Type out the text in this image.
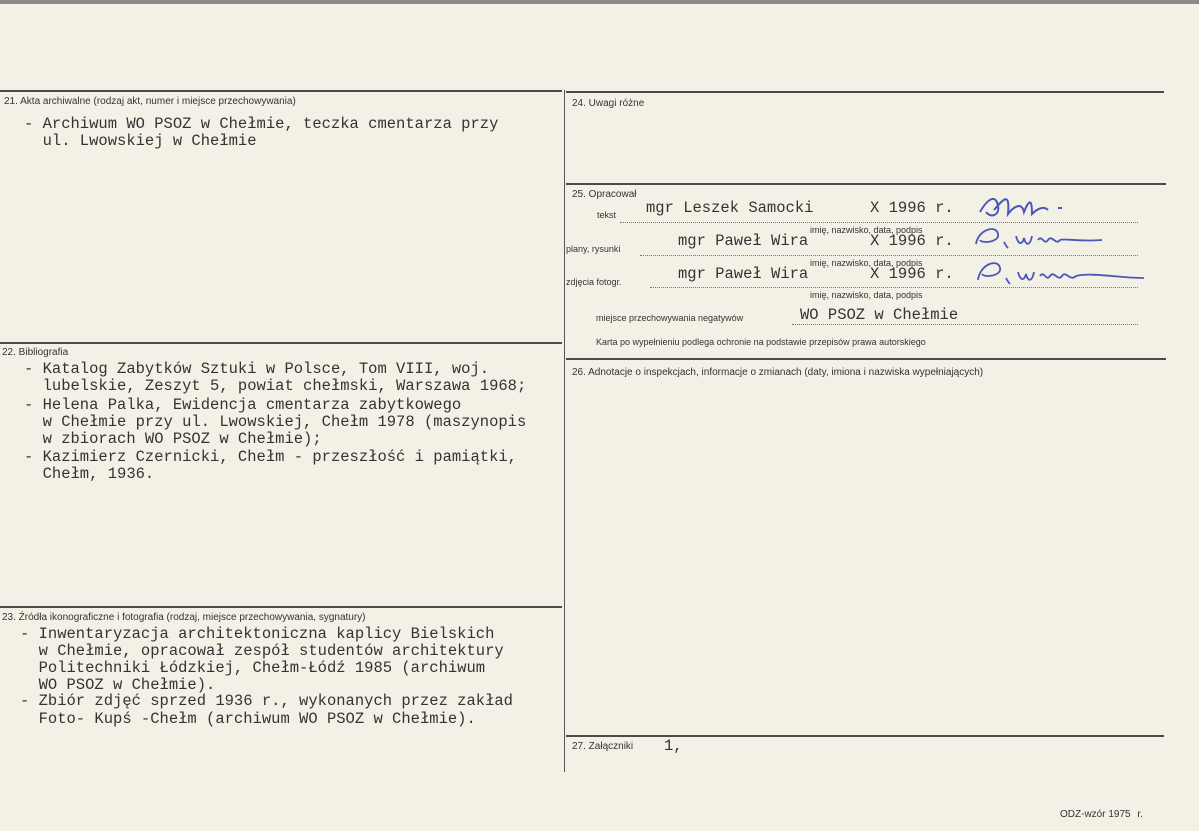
21. Akta archiwalne (rodzaj akt, numer i miejsce przechowywania)
- Archiwum WO PSOZ w Chełmie, teczka cmentarza przy
ul. Lwowskiej w Chełmie
22. Bibliografia
- Katalog Zabytków Sztuki w Polsce, Tom VIII, woj.
lubelskie, Zeszyt 5, powiat chełmski, Warszawa 1968;
- Helena Palka, Ewidencja cmentarza zabytkowego
w Chełmie przy ul. Lwowskiej, Chełm 1978 (maszynopis
w zbiorach WO PSOZ w Chełmie);
- Kazimierz Czernicki, Chełm - przeszłość i pamiątki,
Chełm, 1936.
23. Źródła ikonograficzne i fotografia (rodzaj, miejsce przechowywania, sygnatury)
- Inwentaryzacja architektoniczna kaplicy Bielskich
w Chełmie, opracował zespół studentów architektury
Politechniki Łódzkiej, Chełm-Łódź 1985 (archiwum
WO PSOZ w Chełmie).
- Zbiór zdjęć sprzed 1936 r., wykonanych przez zakład
Foto- Kupś -Chełm (archiwum WO PSOZ w Chełmie).
24. Uwagi różne
25. Opracował
tekst mgr Leszek Samocki	X 1996 r.
imię, nazwisko, data, podpis
plany, rysunki	mgr Paweł Wira	X 1996 r.
imię, nazwisko, data, podpis
zdjęcia fotogr.	mgr Paweł Wira	X 1996 r.
imię, nazwisko, data, podpis
miejsce przechowywania negatywów	WO PSOZ w Chełmie
Karta po wypełnieniu podlega ochronie na podstawie przepisów prawa autorskiego
26. Adnotacje o inspekcjach, informacje o zmianach (daty, imiona i nazwiska wypełniających)
27. Załączniki 1,
ODZ-wzór 1975 r.
